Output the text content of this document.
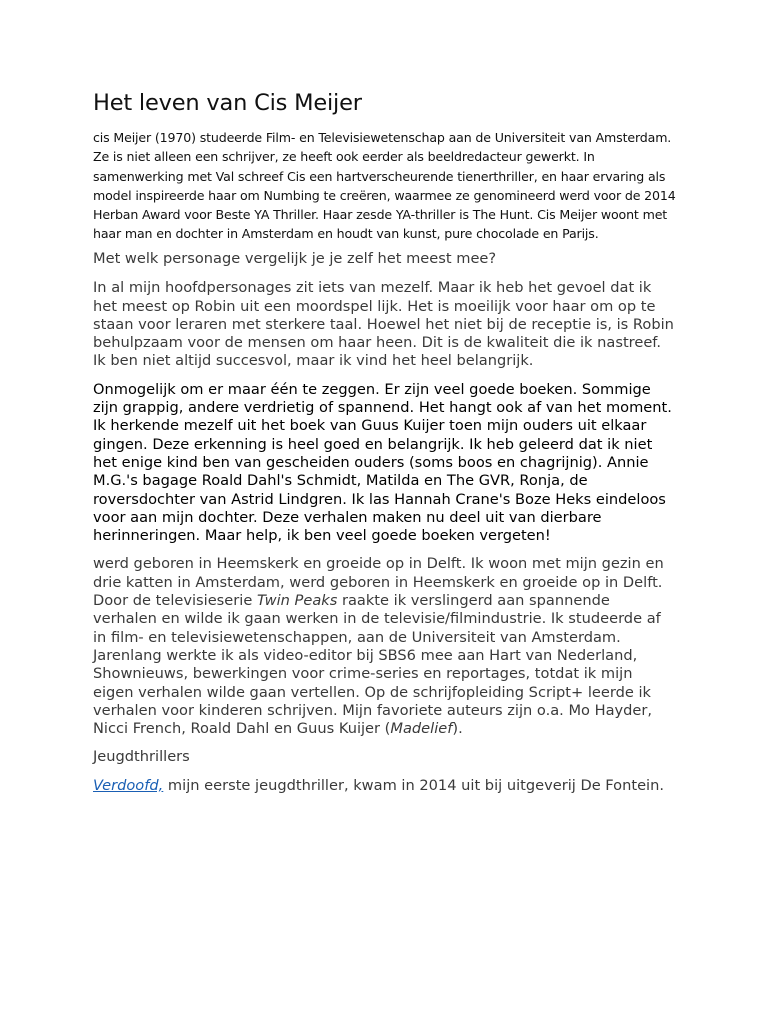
Het leven van Cis Meijer

cis Meijer (1970) studeerde Film- en Televisiewetenschap aan de Universiteit van Amsterdam. Ze is niet alleen een schrijver, ze heeft ook eerder als beeldredacteur gewerkt. In samenwerking met Val schreef Cis een hartverscheurende tienerthriller, en haar ervaring als model inspireerde haar om Numbing te creëren, waarmee ze genomineerd werd voor de 2014 Herban Award voor Beste YA Thriller. Haar zesde YA-thriller is The Hunt. Cis Meijer woont met haar man en dochter in Amsterdam en houdt van kunst, pure chocolade en Parijs.

Met welk personage vergelijk je je zelf het meest mee?

In al mijn hoofdpersonages zit iets van mezelf. Maar ik heb het gevoel dat ik het meest op Robin uit een moordspel lijk. Het is moeilijk voor haar om op te staan voor leraren met sterkere taal. Hoewel het niet bij de receptie is, is Robin behulpzaam voor de mensen om haar heen. Dit is de kwaliteit die ik nastreef. Ik ben niet altijd succesvol, maar ik vind het heel belangrijk.

Onmogelijk om er maar één te zeggen. Er zijn veel goede boeken. Sommige zijn grappig, andere verdrietig of spannend. Het hangt ook af van het moment. Ik herkende mezelf uit het boek van Guus Kuijer toen mijn ouders uit elkaar gingen. Deze erkenning is heel goed en belangrijk. Ik heb geleerd dat ik niet het enige kind ben van gescheiden ouders (soms boos en chagrijnig). Annie M.G.'s bagage Roald Dahl's Schmidt, Matilda en The GVR, Ronja, de roversdochter van Astrid Lindgren. Ik las Hannah Crane's Boze Heks eindeloos voor aan mijn dochter. Deze verhalen maken nu deel uit van dierbare herinneringen. Maar help, ik ben veel goede boeken vergeten!

werd geboren in Heemskerk en groeide op in Delft. Ik woon met mijn gezin en drie katten in Amsterdam, werd geboren in Heemskerk en groeide op in Delft. Door de televisieserie Twin Peaks raakte ik verslingerd aan spannende verhalen en wilde ik gaan werken in de televisie/filmindustrie. Ik studeerde af in film- en televisiewetenschappen, aan de Universiteit van Amsterdam. Jarenlang werkte ik als video-editor bij SBS6 mee aan Hart van Nederland, Shownieuws, bewerkingen voor crime-series en reportages, totdat ik mijn eigen verhalen wilde gaan vertellen. Op de schrijfopleiding Script+ leerde ik verhalen voor kinderen schrijven. Mijn favoriete auteurs zijn o.a. Mo Hayder, Nicci French, Roald Dahl en Guus Kuijer (Madelief).

Jeugdthrillers

Verdoofd, mijn eerste jeugdthriller, kwam in 2014 uit bij uitgeverij De Fontein.
